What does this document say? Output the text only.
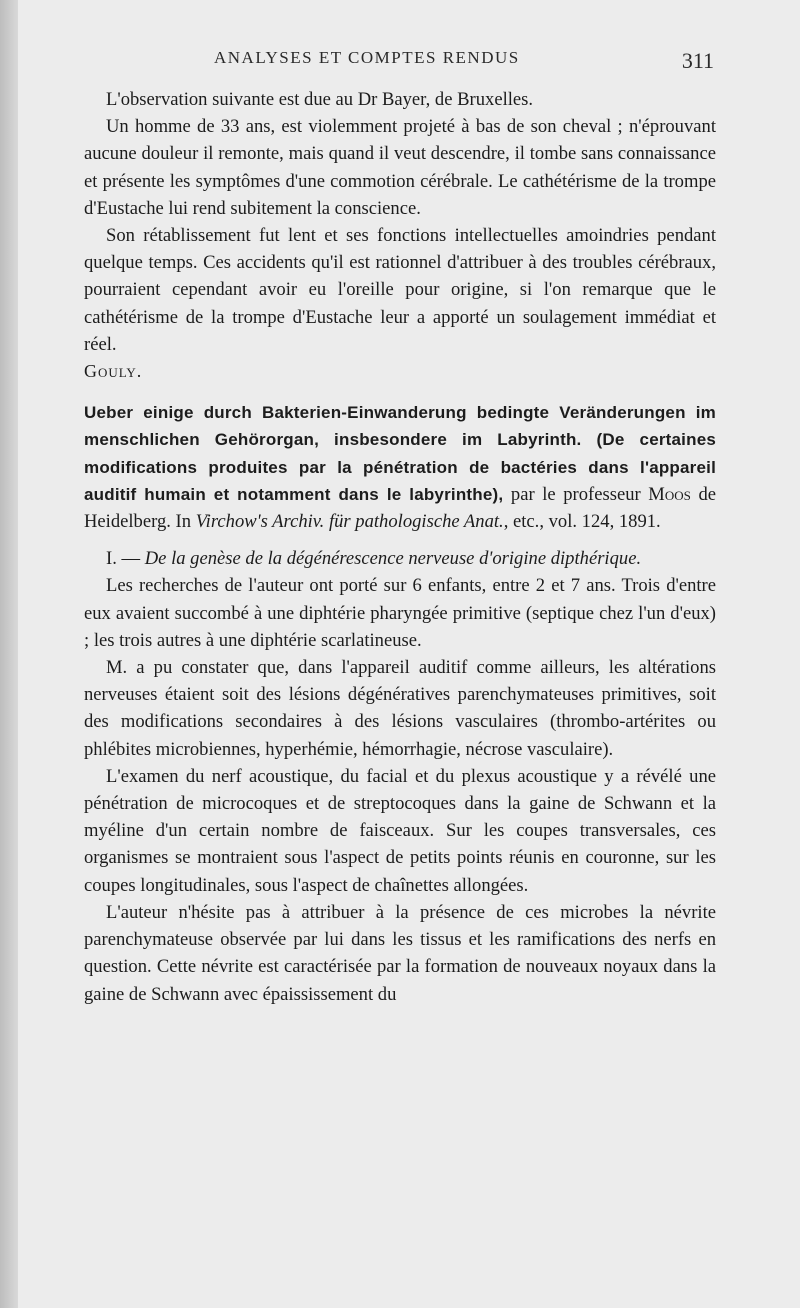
ANALYSES ET COMPTES RENDUS	311

L'observation suivante est due au Dr Bayer, de Bruxelles.

Un homme de 33 ans, est violemment projeté à bas de son cheval ; n'éprouvant aucune douleur il remonte, mais quand il veut descendre, il tombe sans connaissance et présente les symptômes d'une commotion cérébrale. Le cathétérisme de la trompe d'Eustache lui rend subitement la conscience.

Son rétablissement fut lent et ses fonctions intellectuelles amoindries pendant quelque temps. Ces accidents qu'il est rationnel d'attribuer à des troubles cérébraux, pourraient cependant avoir eu l'oreille pour origine, si l'on remarque que le cathétérisme de la trompe d'Eustache leur a apporté un soulagement immédiat et réel.

Gouly.

Ueber einige durch Bakterien-Einwanderung bedingte Veränderungen im menschlichen Gehörorgan, insbesondere im Labyrinth. (De certaines modifications produites par la pénétration de bactéries dans l'appareil auditif humain et notamment dans le labyrinthe), par le professeur Moos de Heidelberg. In Virchow's Archiv. für pathologische Anat., etc., vol. 124, 1891.

I. — De la genèse de la dégénérescence nerveuse d'origine dipthérique.

Les recherches de l'auteur ont porté sur 6 enfants, entre 2 et 7 ans. Trois d'entre eux avaient succombé à une diphtérie pharyngée primitive (septique chez l'un d'eux) ; les trois autres à une diphtérie scarlatineuse.

M. a pu constater que, dans l'appareil auditif comme ailleurs, les altérations nerveuses étaient soit des lésions dégénératives parenchymateuses primitives, soit des modifications secondaires à des lésions vasculaires (thrombo-artérites ou phlébites microbiennes, hyperhémie, hémorrhagie, nécrose vasculaire).

L'examen du nerf acoustique, du facial et du plexus acoustique y a révélé une pénétration de microcoques et de streptocoques dans la gaine de Schwann et la myéline d'un certain nombre de faisceaux. Sur les coupes transversales, ces organismes se montraient sous l'aspect de petits points réunis en couronne, sur les coupes longitudinales, sous l'aspect de chaînettes allongées.

L'auteur n'hésite pas à attribuer à la présence de ces microbes la névrite parenchymateuse observée par lui dans les tissus et les ramifications des nerfs en question. Cette névrite est caractérisée par la formation de nouveaux noyaux dans la gaine de Schwann avec épaississement du
